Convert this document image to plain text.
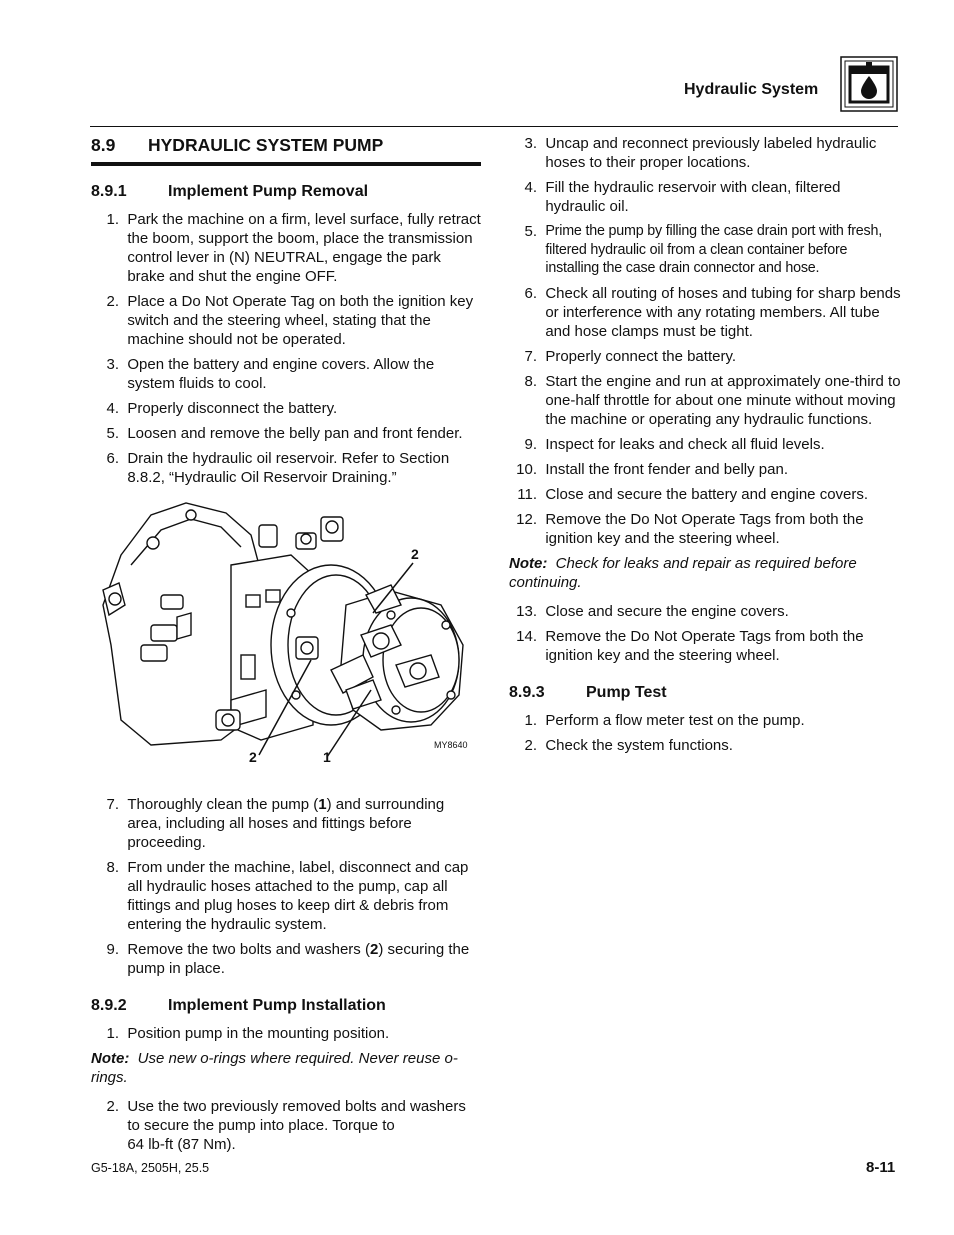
Hydraulic System
8.9	HYDRAULIC SYSTEM PUMP
8.9.1	Implement Pump Removal
1.
Park the machine on a firm, level surface, fully retract the boom, support the boom, place the transmission control lever in (N) NEUTRAL, engage the park brake and shut the engine OFF.
2.
Place a Do Not Operate Tag on both the ignition key switch and the steering wheel, stating that the machine should not be operated.
3.
Open the battery and engine covers. Allow the system fluids to cool.
4.
Properly disconnect the battery.
5.
Loosen and remove the belly pan and front fender.
6.
Drain the hydraulic oil reservoir. Refer to Section 8.8.2, “Hydraulic Oil Reservoir Draining.”
2
2	1
MY8640
7.
Thoroughly clean the pump (1) and surrounding area, including all hoses and fittings before proceeding.
8.
From under the machine, label, disconnect and cap all hydraulic hoses attached to the pump, cap all fittings and plug hoses to keep dirt & debris from entering the hydraulic system.
9.
Remove the two bolts and washers (2) securing the pump in place.
8.9.2	Implement Pump Installation
1.
Position pump in the mounting position.
Note: Use new o-rings where required. Never reuse o-rings.
2.
Use the two previously removed bolts and washers to secure the pump into place. Torque to
64 lb-ft (87 Nm).
3.
Uncap and reconnect previously labeled hydraulic hoses to their proper locations.
4.
Fill the hydraulic reservoir with clean, filtered hydraulic oil.
5.
Prime the pump by filling the case drain port with fresh, filtered hydraulic oil from a clean container before installing the case drain connector and hose.
6.
Check all routing of hoses and tubing for sharp bends or interference with any rotating members. All tube and hose clamps must be tight.
7.
Properly connect the battery.
8.
Start the engine and run at approximately one-third to one-half throttle for about one minute without moving the machine or operating any hydraulic functions.
9.
Inspect for leaks and check all fluid levels.
10.
Install the front fender and belly pan.
11.
Close and secure the battery and engine covers.
12.
Remove the Do Not Operate Tags from both the ignition key and the steering wheel.
Note: Check for leaks and repair as required before continuing.
13.
Close and secure the engine covers.
14.
Remove the Do Not Operate Tags from both the ignition key and the steering wheel.
8.9.3	Pump Test
1.
Perform a flow meter test on the pump.
2.
Check the system functions.
G5-18A, 2505H, 25.5	8-11
